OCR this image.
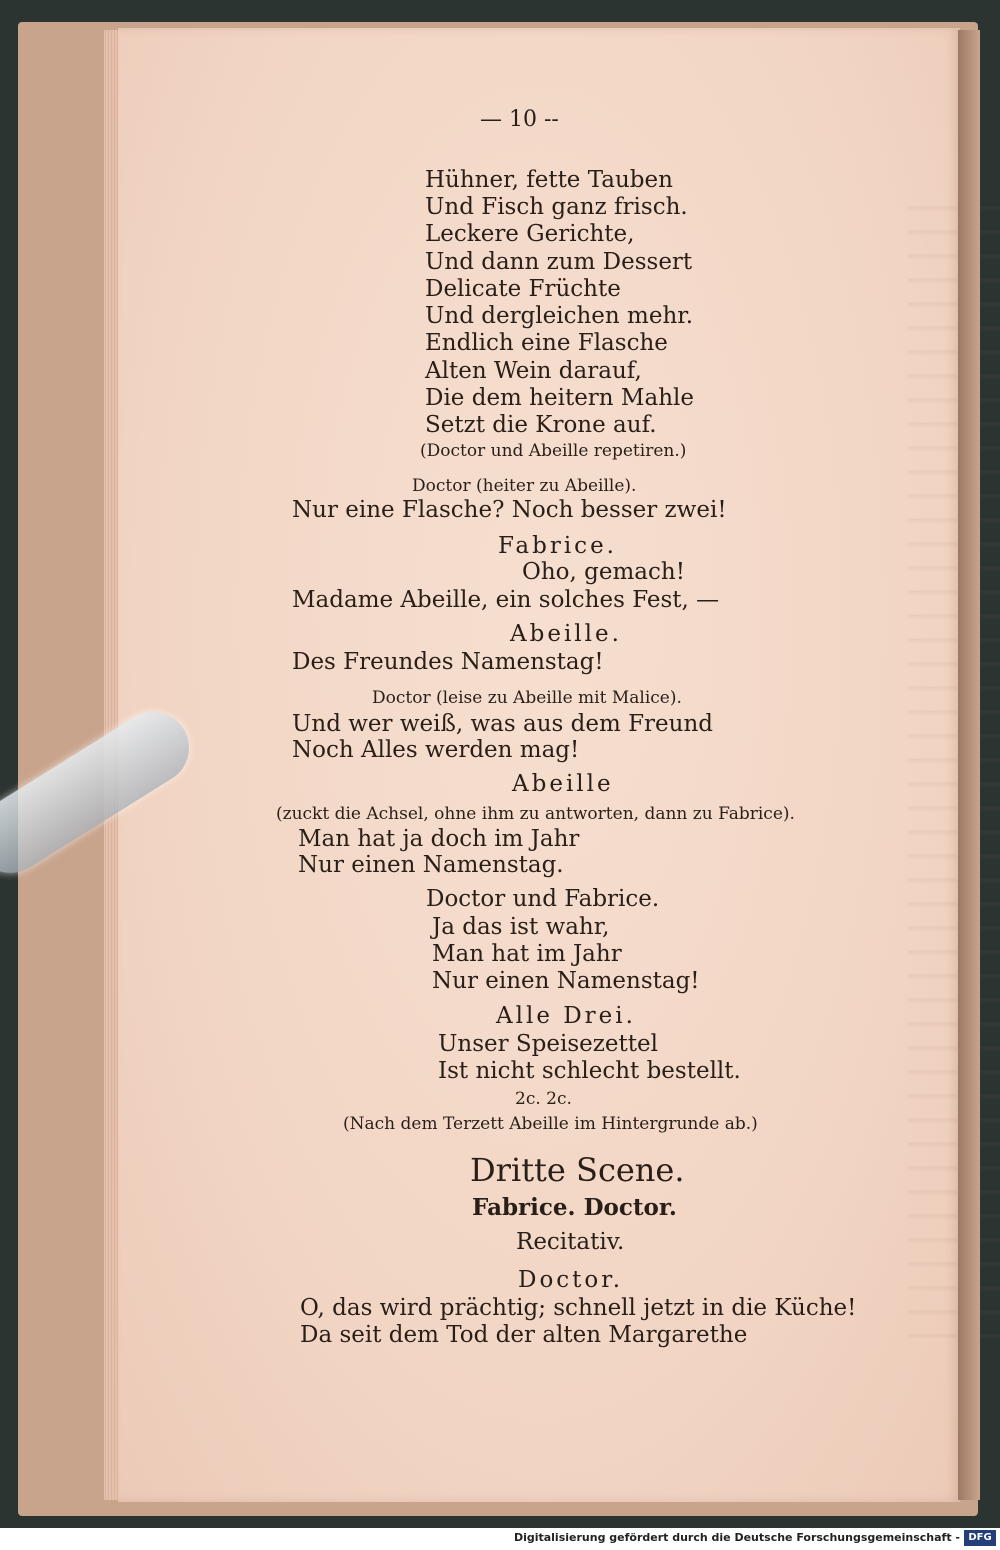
— 10 --

Hühner, fette Tauben

Und Fisch ganz frisch.

Leckere Gerichte,

Und dann zum Dessert

Delicate Früchte

Und dergleichen mehr.

Endlich eine Flasche

Alten Wein darauf,

Die dem heitern Mahle

Setzt die Krone auf.

(Doctor und Abeille repetiren.)

Doctor (heiter zu Abeille).

Nur eine Flasche? Noch besser zwei!

Fabrice.

Oho, gemach!

Madame Abeille, ein solches Fest, —

Abeille.

Des Freundes Namenstag!

Doctor (leise zu Abeille mit Malice).

Und wer weiß, was aus dem Freund

Noch Alles werden mag!

Abeille

(zuckt die Achsel, ohne ihm zu antworten, dann zu Fabrice).

Man hat ja doch im Jahr

Nur einen Namenstag.

Doctor und Fabrice.

Ja das ist wahr,

Man hat im Jahr

Nur einen Namenstag!

Alle Drei.

Unser Speisezettel

Ist nicht schlecht bestellt.

2c. 2c.

(Nach dem Terzett Abeille im Hintergrunde ab.)

Dritte Scene.

Fabrice. Doctor.

Recitativ.

Doctor.

O, das wird prächtig; schnell jetzt in die Küche!

Da seit dem Tod der alten Margarethe

Digitalisierung gefördert durch die Deutsche Forschungsgemeinschaft - DFG
